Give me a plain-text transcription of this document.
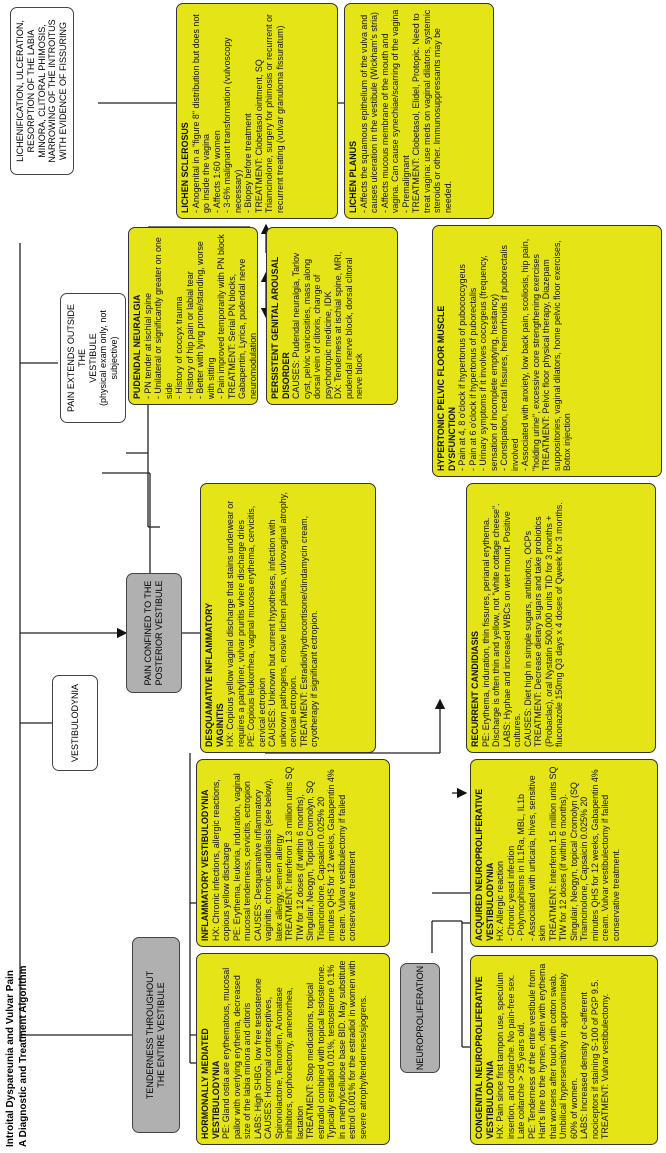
Introital Dyspareunia and Vulvar Pain
A Diagnostic and Treatment Algorithm
VESTIBULODYNIA
TENDERNESS THROUGHOUT
THE ENTIRE VESTIBULE
PAIN CONFINED TO THE
POSTERIOR VESTIBULE
PAIN EXTENDS OUTSIDE THE
VESTIBULE
(physical exam only, not subjective)
LICHENIFICATION, ULCERATION,
RESORPTION OF THE LABIA
MINORA, CLITORAL PHIMOSIS,
NARROWING OF THE INTROITUS
WITH EVIDENCE OF FISSURING
NEUROPROLIFERATION
HORMONALLY MEDIATED
VESTIBULODYNIA PE: Gland ostia are erythematous, mucosal pallor with overlying erythema, decreased size of the labia minora and clitoris
LABS: High SHBG, low free testosterone
CAUSES: Hormonal contraceptives, Spironolactone, Tamoxifen, Aromatase inhibitors, oophorectomy, amenorrhea, lactation
TREATMENT: Stop medications, topical estradiol combined with topical testosterone. Typically estradiol 0.01%, testosterone 0.1% in a methylcellulose base BID. May substitute estriol 0.001% for the estradiol in women with severe atrophy/tenderness/sjogrens.
INFLAMMATORY VESTIBULODYNIA HX: Chronic infections, allergic reactions, copious yellow discharge
PE: Erythema, leukoria, induration, vaginal mucosal tenderness, cervicitis, ectropion
CAUSES: Desquamative inflammatory vaginitis, chronic candidiasis (see below), latex allergy, semen allergy
TREATMENT: Interferon 1.3 million units SQ TIW for 12 doses (if within 6 months), Singulair, Neogyn, Topical Cromolyn, SQ Triamcinolone, Capsaicin 0.025% 20 minutes QHS for 12 weeks, Gabapentin 4% cream. Vulvar vestibulectomy if failed conservative treatment
DESQUAMATIVE INFLAMMATORY
VAGINITIS HX: Copious yellow vaginal discharge that stains underwear or requires a pantyliner, vulvar pruritis where discharge dries
PE: Copious leukorrhea, vaginal mucosa erythema, cervicitis, cervical ectropion
CAUSES: Unknown but current hypotheses, infection with unknown pathogens, erosive lichen planus, vulvovaginal atrophy, cervical ectropion.
TREATMENT: Estradiol/hydrocortisone/clindamycin cream, cryotherapy if significant ectropion.
PUDENDAL NEURALGIA - PN tender at ischial spine
- Unilateral or significantly greater on one side
- History of coccyx trauma
- History of hip pain or labial tear
- Better with lying prone/standing, worse with sitting
- Pain improved temporarily with PN block
TREATMENT: Serial PN blocks, Gabapentin, Lyrica, pudendal nerve neuromodulation PERSISTENT GENITAL AROUSAL
DISORDER CAUSES: Pudendal neuralgia, Tarlov cyst, pelvic varicosities, mass along dorsal vein of clitoris, change of psychotropic medicine, IDK
DX: Tenderness at ischial spine, MRI, pudendal nerve block, dorsal clitoral nerve block
HYPERTONIC PELVIC FLOOR MUSCLE
DYSFUNCTION - Pain at 4, 8 o'clock if hypertonus of pubococcygeus
- Pain at 6 o'clock if hypertonus of puborectalis
- Urinary symptoms if it involves coccygeus (frequency, sensation of incomplete emptying, hesitancy)
- Constipation, rectal fissures, hemorrhoids if puborectalis involved
- Associated with anxiety, low back pain, scoliosis, hip pain, "holding urine", excessive core strengthening exercises
TREATMENT: Pelvic floor physical therapy, Diazepam suppositories, vaginal dilators, home pelvic floor exercises, Botox injection
LICHEN SCLEROSUS - Anogenital in a "figure 8" distribution but does not go inside the vagina
- Affects 1:60 women
- 3-6% malignant transformation (vulvoscopy necessary)
- Biopsy before treatment
TREATMENT: Clobetasol ointment, SQ Triamcinolone, surgery for phimosis or recurrent or recurrent treating (vulvar granuloma fissuratum)
LICHEN PLANUS - Affects the squamous epithelium of the vulva and causes ulceration in the vestibule (Wickham's stria)
- Affects mucous membrane of the mouth and vagina. Can cause synechiae/scarring of the vagina
- Premalignant
TREATMENT: Clobetasol, Elidel, Protopic. Need to treat vagina: use meds on vaginal dilators, systemic steroids or other. Immunosuppressants may be needed.
RECURRENT CANDIDIASIS PE: Erythema, induration, thin fissures, perianal erythema. Discharge is often thin and yellow, not "white cottage cheese".
LABS: Hyphae and increased WBCs on wet mount. Positive cultures.
CAUSES: Diet high in simple sugars, antibiotics, OCPs
TREATMENT: Decrease dietary sugars and take probiotics (Probaclac), oral Nystatin 500,000 units TID for 3 months + fluconazole 150mg Q3 days x 4 doses of Qweek for 3 months.
CONGENITAL NEUROPROLIFERATIVE
VESTIBULODYNIA HX: Pain since first tampon use, speculum insertion, and coitarche. No pain-free sex. Late coitarche > 25 years old.
PE: Tenderness of the entire vestibule from Hart's line to the hymen, often with erythema that worsens after touch with cotton swab. Umbilical hypersensitivity in approximately 60% of women.
LABS: Increased density of c-afferent nociceptors if staining S-100 of PGP 9.5.
TREATMENT: Vulvar vestibulectomy.
ACQUIRED NEUROPROLIFERATIVE
VESTIBULODYNIA HX: Allergic reaction
- Chronic yeast infection
- Polymorphisms in IL1Ra, MBL, IL1b
- Associated with urticaria, hives, sensitive skin
TREATMENT: Interferon 1.5 million units SQ TIW for 12 doses (if within 6 months). Singulair, Neogyn, topical Cromolyn (SQ Triamcinolone, Capsaicin 0.025% 20 minutes QHS for 12 weeks, Gabapentin 4% cream. Vulvar vestibulectomy if failed conservative treatment.
